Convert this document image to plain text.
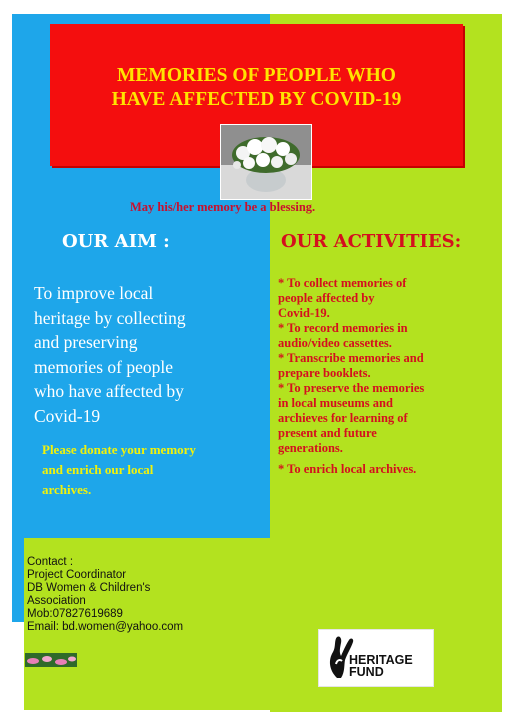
MEMORIES OF PEOPLE WHO
HAVE AFFECTED BY COVID-19
May his/her memory be a blessing.
OUR AIM :
To improve local
heritage by collecting
and preserving
memories of people
who have affected by
Covid-19
Please donate your memory
and enrich our local
archives.
Contact :
Project Coordinator
DB Women & Children's
Association
Mob:07827619689
Email: bd.women@yahoo.com
OUR ACTIVITIES:
* To collect memories of
people affected by
Covid-19.
* To record memories in
audio/video cassettes.
* Transcribe memories and
prepare booklets.
* To preserve the memories
in local museums and
archieves for learning of
present and future
generations.
* To enrich local archives.
HERITAGE
FUND
